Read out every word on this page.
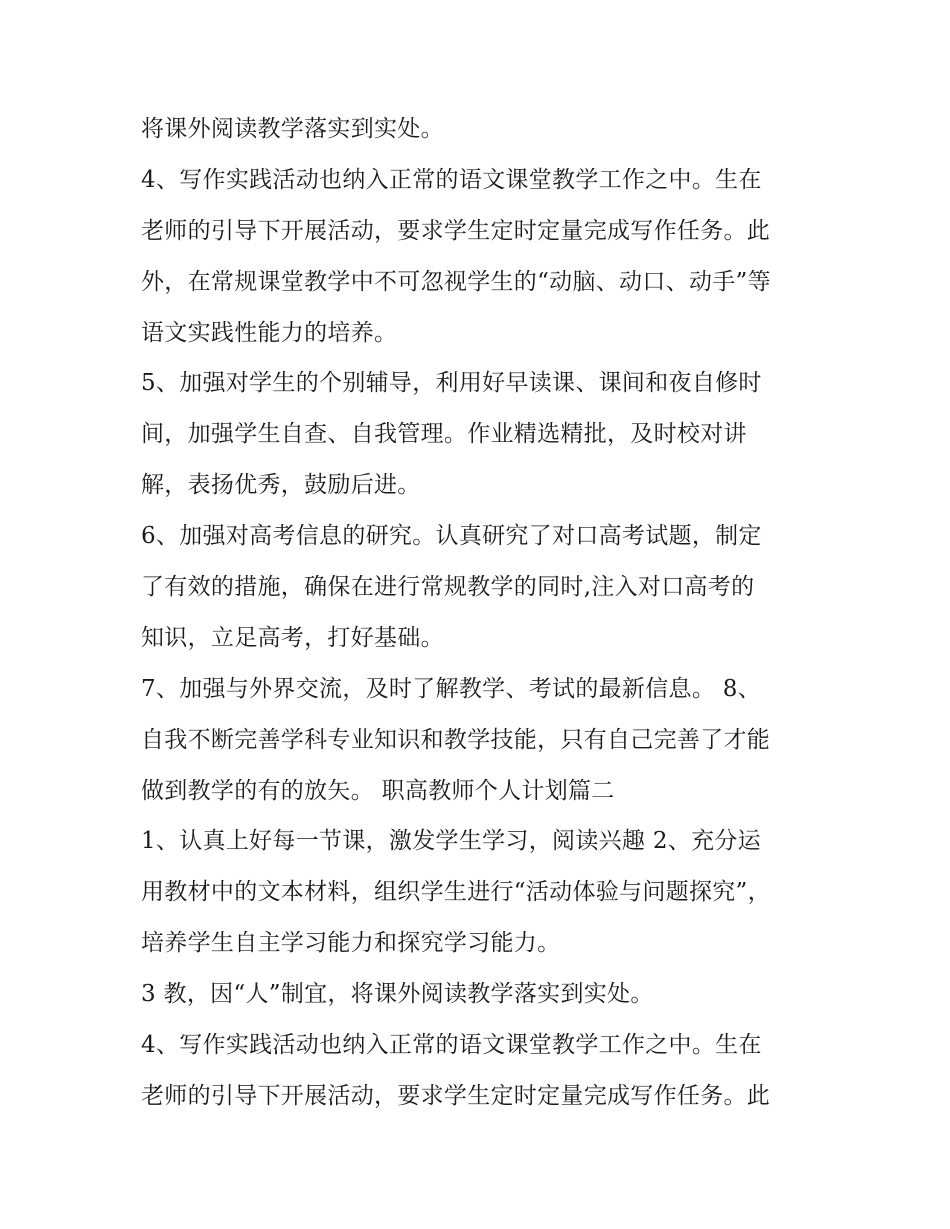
将课外阅读教学落实到实处。
4、写作实践活动也纳入正常的语文课堂教学工作之中。生在
老师的引导下开展活动，要求学生定时定量完成写作任务。此
外，在常规课堂教学中不可忽视学生的“动脑、动口、动手”等
语文实践性能力的培养。
5、加强对学生的个别辅导，利用好早读课、课间和夜自修时
间，加强学生自查、自我管理。作业精选精批，及时校对讲
解，表扬优秀，鼓励后进。
6、加强对高考信息的研究。认真研究了对口高考试题，制定
了有效的措施，确保在进行常规教学的同时,注入对口高考的
知识，立足高考，打好基础。
7、加强与外界交流，及时了解教学、考试的最新信息。 8、
自我不断完善学科专业知识和教学技能，只有自己完善了才能
做到教学的有的放矢。 职高教师个人计划篇二
1、认真上好每一节课，激发学生学习，阅读兴趣 2、充分运
用教材中的文本材料，组织学生进行“活动体验与问题探究”，
培养学生自主学习能力和探究学习能力。
3 教，因“人”制宜，将课外阅读教学落实到实处。
4、写作实践活动也纳入正常的语文课堂教学工作之中。生在
老师的引导下开展活动，要求学生定时定量完成写作任务。此
